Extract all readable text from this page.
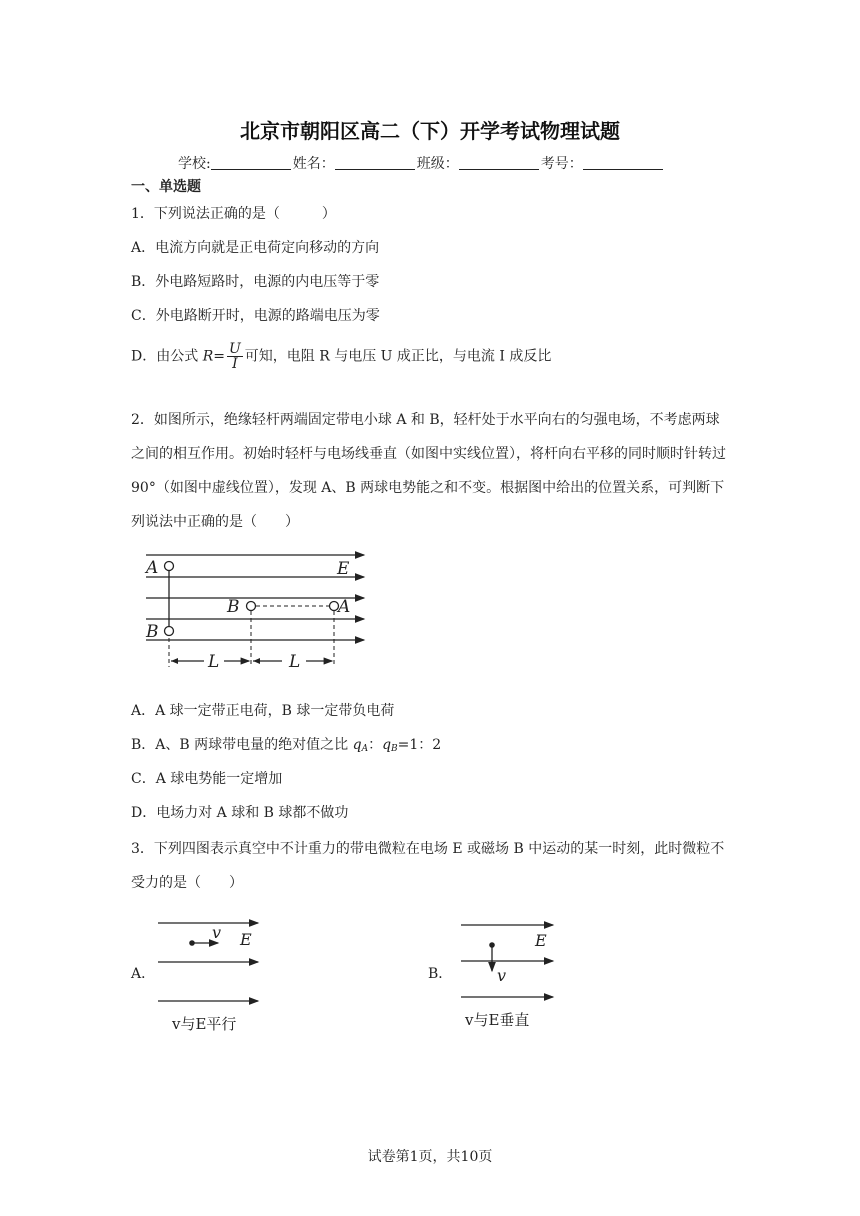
北京市朝阳区高二（下）开学考试物理试题
学校:	姓名：	班级：	考号：
一、单选题
1．下列说法正确的是（　　　）
A．电流方向就是正电荷定向移动的方向
B．外电路短路时，电源的内电压等于零
C．外电路断开时，电源的路端电压为零
D．由公式 $R= \frac{U}{I}$ 可知，电阻 R 与电压 U 成正比，与电流 I 成反比
2．如图所示，绝缘轻杆两端固定带电小球 A 和 B，轻杆处于水平向右的匀强电场，不考虑两球之间的相互作用。初始时轻杆与电场线垂直（如图中实线位置），将杆向右平移的同时顺时针转过 90°（如图中虚线位置），发现 A、B 两球电势能之和不变。根据图中给出的位置关系，可判断下列说法中正确的是（　　）
A
B
B	A
E
L	L
A．A 球一定带正电荷，B 球一定带负电荷
B．A、B 两球带电量的绝对值之比 $q_A$：$q_B=1$：2
C．A 球电势能一定增加
D．电场力对 A 球和 B 球都不做功
3．下列四图表示真空中不计重力的带电微粒在电场 E 或磁场 B 中运动的某一时刻，此时微粒不受力的是（　　）
A．
v E
v与E平行
B．	v
E
v与E垂直
试卷第1页，共10页
